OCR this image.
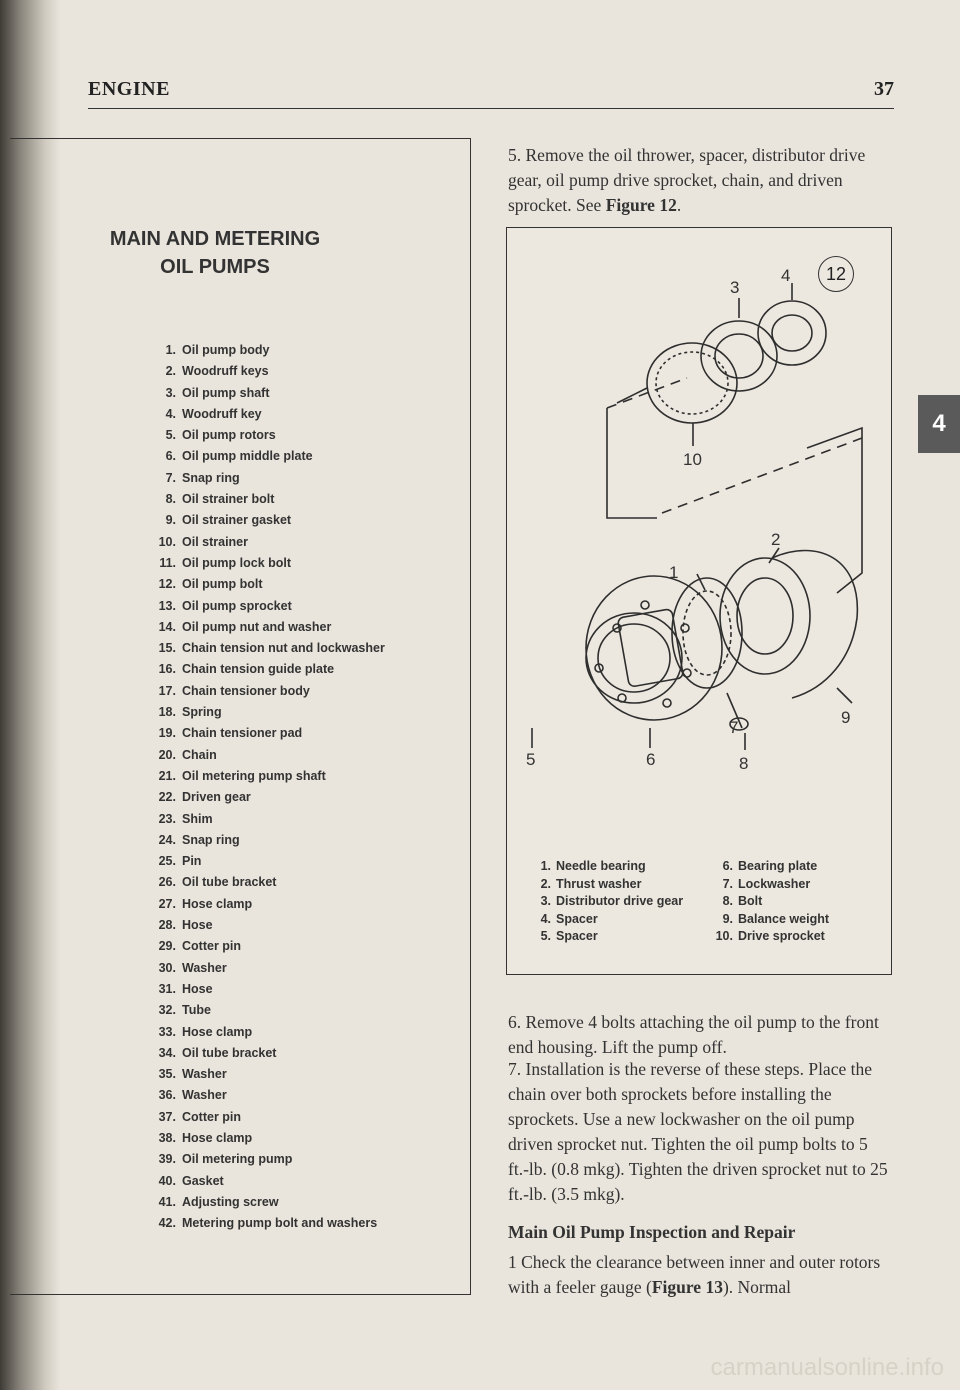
ENGINE	37
4
MAIN AND METERING
OIL PUMPS
1. Oil pump body
2. Woodruff keys
3. Oil pump shaft
4. Woodruff key
5. Oil pump rotors
6. Oil pump middle plate
7. Snap ring
8. Oil strainer bolt
9. Oil strainer gasket
10. Oil strainer
11. Oil pump lock bolt
12. Oil pump bolt
13. Oil pump sprocket
14. Oil pump nut and washer
15. Chain tension nut and lockwasher
16. Chain tension guide plate
17. Chain tensioner body
18. Spring
19. Chain tensioner pad
20. Chain
21. Oil metering pump shaft
22. Driven gear
23. Shim
24. Snap ring
25. Pin
26. Oil tube bracket
27. Hose clamp
28. Hose
29. Cotter pin
30. Washer
31. Hose
32. Tube
33. Hose clamp
34. Oil tube bracket
35. Washer
36. Washer
37. Cotter pin
38. Hose clamp
39. Oil metering pump
40. Gasket
41. Adjusting screw
42. Metering pump bolt and washers

5. Remove the oil thrower, spacer, distributor drive gear, oil pump drive sprocket, chain, and driven sprocket. See Figure 12.

12
3
4
10
2
1
7
9
5	6	8
1. Needle bearing
2. Thrust washer
3. Distributor drive gear
4. Spacer
5. Spacer
6. Bearing plate
7. Lockwasher
8. Bolt
9. Balance weight
10. Drive sprocket

6. Remove 4 bolts attaching the oil pump to the front end housing. Lift the pump off.

7. Installation is the reverse of these steps. Place the chain over both sprockets before installing the sprockets. Use a new lockwasher on the oil pump driven sprocket nut. Tighten the oil pump bolts to 5 ft.-lb. (0.8 mkg). Tighten the driven sprocket nut to 25 ft.-lb. (3.5 mkg).

Main Oil Pump Inspection and Repair

1 Check the clearance between inner and outer rotors with a feeler gauge (Figure 13). Normal

carmanualsonline.info
